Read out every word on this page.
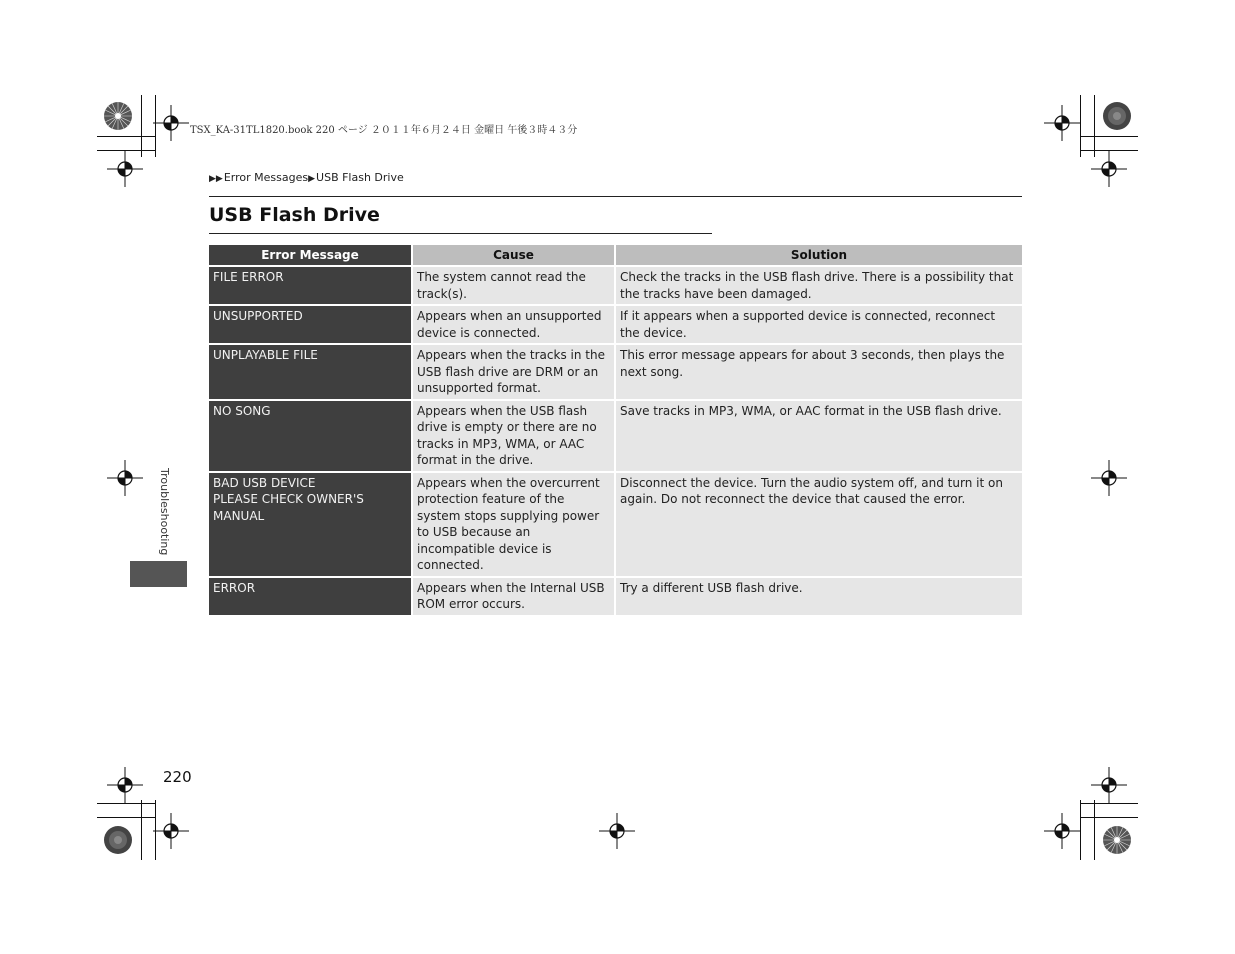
TSX_KA-31TL1820.book 220 ページ ２０１１年６月２４日 金曜日 午後３時４３分
▶▶Error Messages▶USB Flash Drive
USB Flash Drive
Error Message	Cause	Solution
FILE ERROR	The system cannot read the track(s).	Check the tracks in the USB flash drive. There is a possibility that the tracks have been damaged.
UNSUPPORTED	Appears when an unsupported device is connected.	If it appears when a supported device is connected, reconnect the device.
UNPLAYABLE FILE	Appears when the tracks in the USB flash drive are DRM or an unsupported format.	This error message appears for about 3 seconds, then plays the next song.
NO SONG	Appears when the USB flash drive is empty or there are no tracks in MP3, WMA, or AAC format in the drive.	Save tracks in MP3, WMA, or AAC format in the USB flash drive.

BAD USB DEVICE
PLEASE CHECK OWNER'S MANUAL	Appears when the overcurrent protection feature of the system stops supplying power to USB because an incompatible device is connected.	Disconnect the device. Turn the audio system off, and turn it on again. Do not reconnect the device that caused the error.
ERROR	Appears when the Internal USB ROM error occurs.	Try a different USB flash drive.
Troubleshooting
220
